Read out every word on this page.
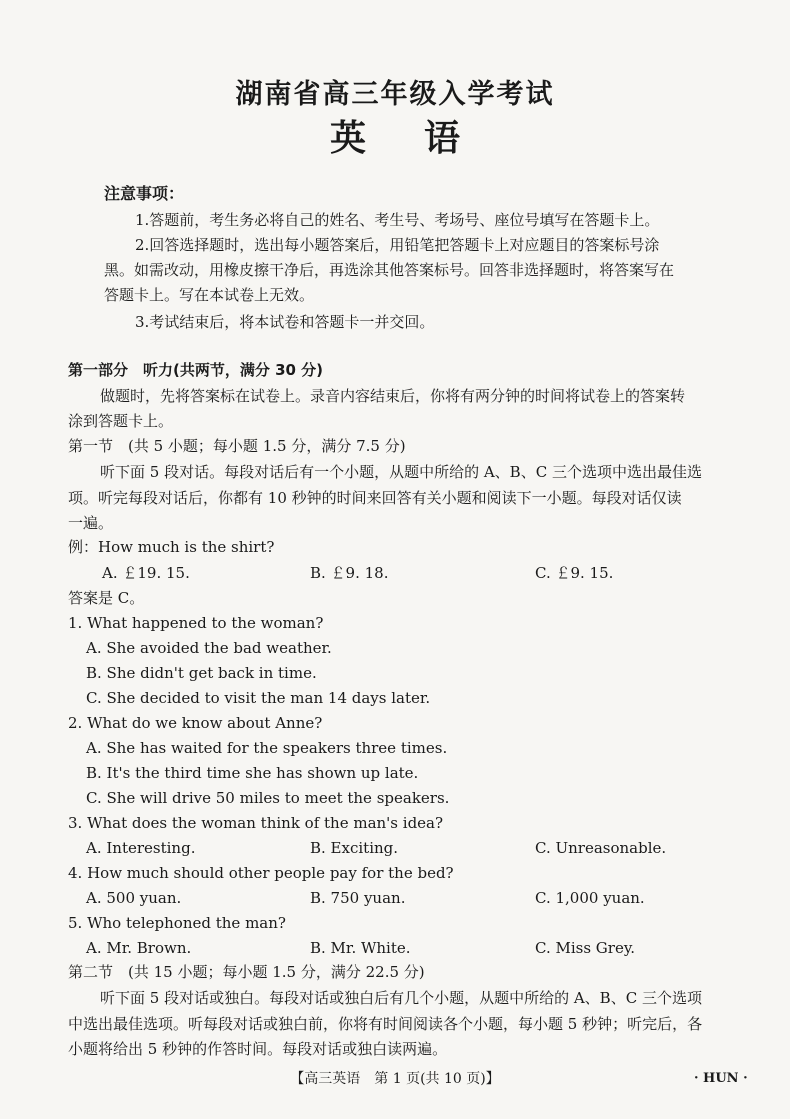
湖南省高三年级入学考试
英语
注意事项：
1.答题前，考生务必将自己的姓名、考生号、考场号、座位号填写在答题卡上。
2.回答选择题时，选出每小题答案后，用铅笔把答题卡上对应题目的答案标号涂
黑。如需改动，用橡皮擦干净后，再选涂其他答案标号。回答非选择题时，将答案写在
答题卡上。写在本试卷上无效。
3.考试结束后，将本试卷和答题卡一并交回。
第一部分　听力(共两节，满分 30 分)
做题时，先将答案标在试卷上。录音内容结束后，你将有两分钟的时间将试卷上的答案转
涂到答题卡上。
第一节　(共 5 小题；每小题 1.5 分，满分 7.5 分)
听下面 5 段对话。每段对话后有一个小题，从题中所给的 A、B、C 三个选项中选出最佳选
项。听完每段对话后，你都有 10 秒钟的时间来回答有关小题和阅读下一小题。每段对话仅读
一遍。
例：How much is the shirt?
A. ￡19. 15.	B. ￡9. 18.	C. ￡9. 15.
答案是 C。
1. What happened to the woman?
A. She avoided the bad weather.
B. She didn't get back in time.
C. She decided to visit the man 14 days later.
2. What do we know about Anne?
A. She has waited for the speakers three times.
B. It's the third time she has shown up late.
C. She will drive 50 miles to meet the speakers.
3. What does the woman think of the man's idea?
A. Interesting.	B. Exciting.	C. Unreasonable.
4. How much should other people pay for the bed?
A. 500 yuan.	B. 750 yuan.	C. 1,000 yuan.
5. Who telephoned the man?
A. Mr. Brown.	B. Mr. White.	C. Miss Grey.
第二节　(共 15 小题；每小题 1.5 分，满分 22.5 分)
听下面 5 段对话或独白。每段对话或独白后有几个小题，从题中所给的 A、B、C 三个选项
中选出最佳选项。听每段对话或独白前，你将有时间阅读各个小题，每小题 5 秒钟；听完后，各
小题将给出 5 秒钟的作答时间。每段对话或独白读两遍。
【高三英语　第 1 页(共 10 页)】	· HUN ·
